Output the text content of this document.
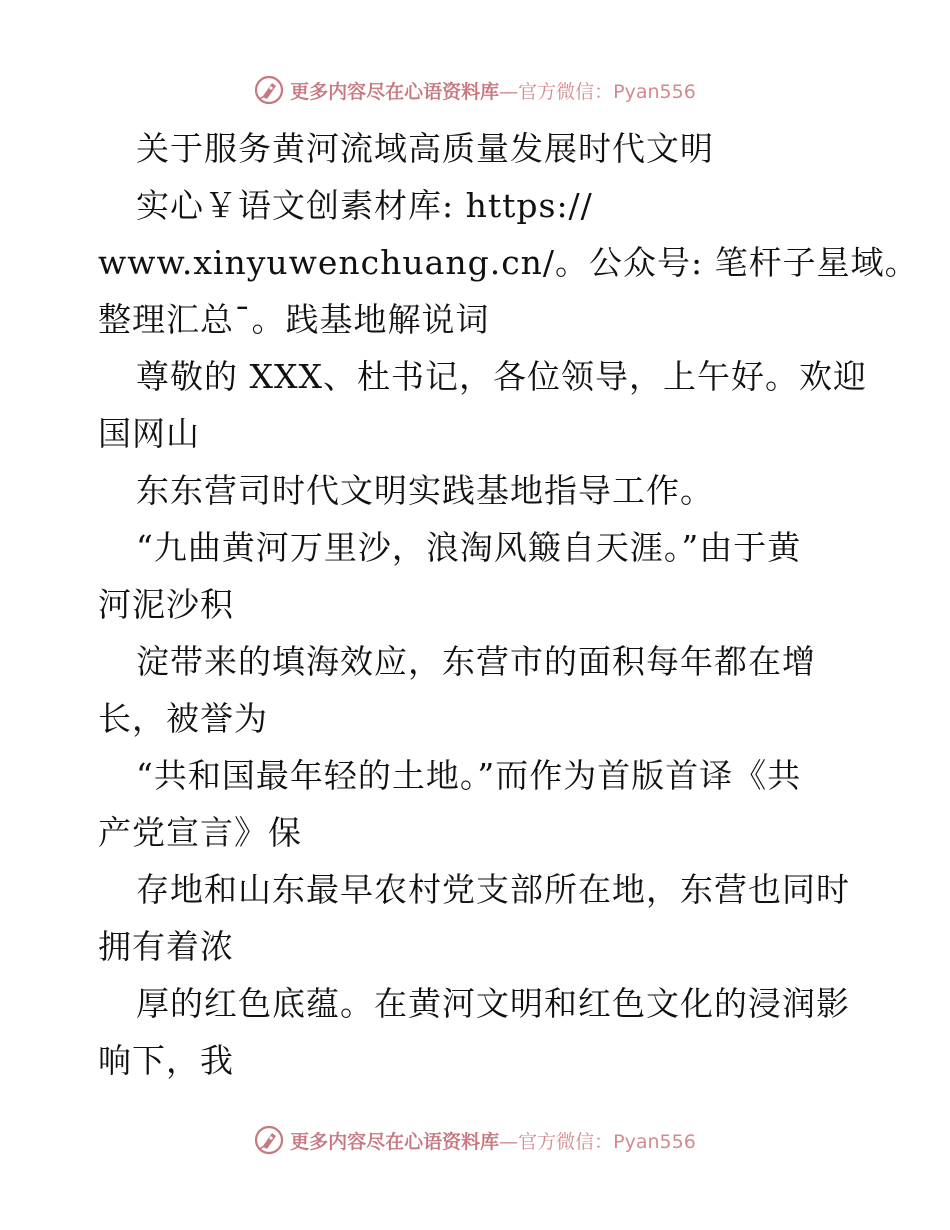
更多内容尽在心语资料库 —官方微信：Pyan556
关于服务黄河流域高质量发展时代文明
实心￥语文创素材库: https://
www.xinyuwenchuang.cn/。公众号: 笔杆子星域。
整理汇总¯。践基地解说词
尊敬的 XXX、杜书记，各位领导，上午好。欢迎
国网山
东东营司时代文明实践基地指导工作。
“九曲黄河万里沙，浪淘风簸自天涯。”由于黄
河泥沙积
淀带来的填海效应，东营市的面积每年都在增
长，被誉为
“共和国最年轻的土地。”而作为首版首译《共
产党宣言》保
存地和山东最早农村党支部所在地，东营也同时
拥有着浓
厚的红色底蕴。在黄河文明和红色文化的浸润影
响下，我
更多内容尽在心语资料库 —官方微信：Pyan556
